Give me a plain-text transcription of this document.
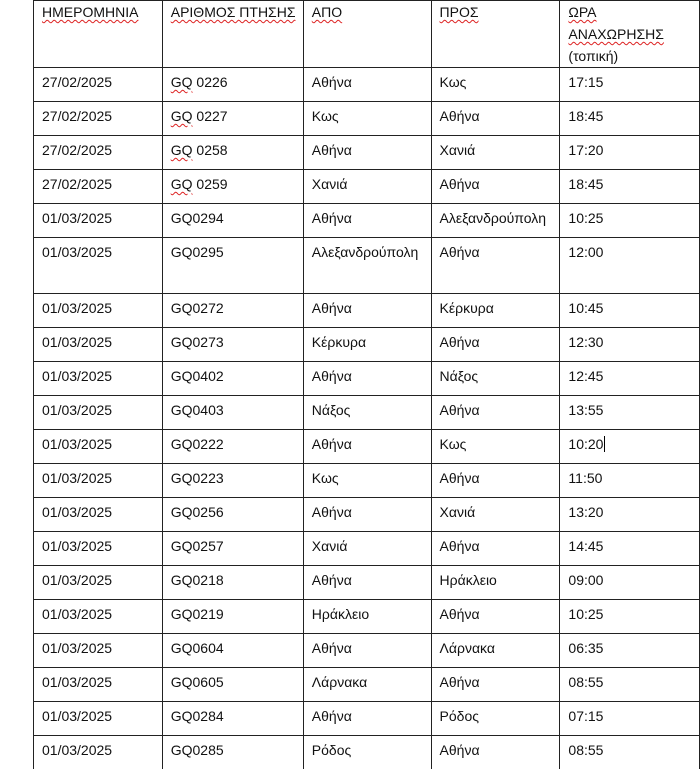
ΗΜΕΡΟΜΗΝΙΑ	ΑΡΙΘΜΟΣ ΠΤΗΣΗΣ	ΑΠΟ	ΠΡΟΣ	ΩΡΑ ΑΝΑΧΩΡΗΣΗΣ
(τοπική)

27/02/2025	GQ 0226	Αθήνα	Κως	17:15
27/02/2025	GQ 0227	Κως	Αθήνα	18:45
27/02/2025	GQ 0258	Αθήνα	Χανιά	17:20
27/02/2025	GQ 0259	Χανιά	Αθήνα	18:45
01/03/2025	GQ0294	Αθήνα	Αλεξανδρούπολη	10:25
01/03/2025	GQ0295	Αλεξανδρούπολη	Αθήνα	12:00
01/03/2025	GQ0272	Αθήνα	Κέρκυρα	10:45
01/03/2025	GQ0273	Κέρκυρα	Αθήνα	12:30
01/03/2025	GQ0402	Αθήνα	Νάξος	12:45
01/03/2025	GQ0403	Νάξος	Αθήνα	13:55
01/03/2025	GQ0222	Αθήνα	Κως	10:20
01/03/2025	GQ0223	Κως	Αθήνα	11:50
01/03/2025	GQ0256	Αθήνα	Χανιά	13:20
01/03/2025	GQ0257	Χανιά	Αθήνα	14:45
01/03/2025	GQ0218	Αθήνα	Ηράκλειο	09:00
01/03/2025	GQ0219	Ηράκλειο	Αθήνα	10:25
01/03/2025	GQ0604	Αθήνα	Λάρνακα	06:35
01/03/2025	GQ0605	Λάρνακα	Αθήνα	08:55
01/03/2025	GQ0284	Αθήνα	Ρόδος	07:15
01/03/2025	GQ0285	Ρόδος	Αθήνα	08:55
